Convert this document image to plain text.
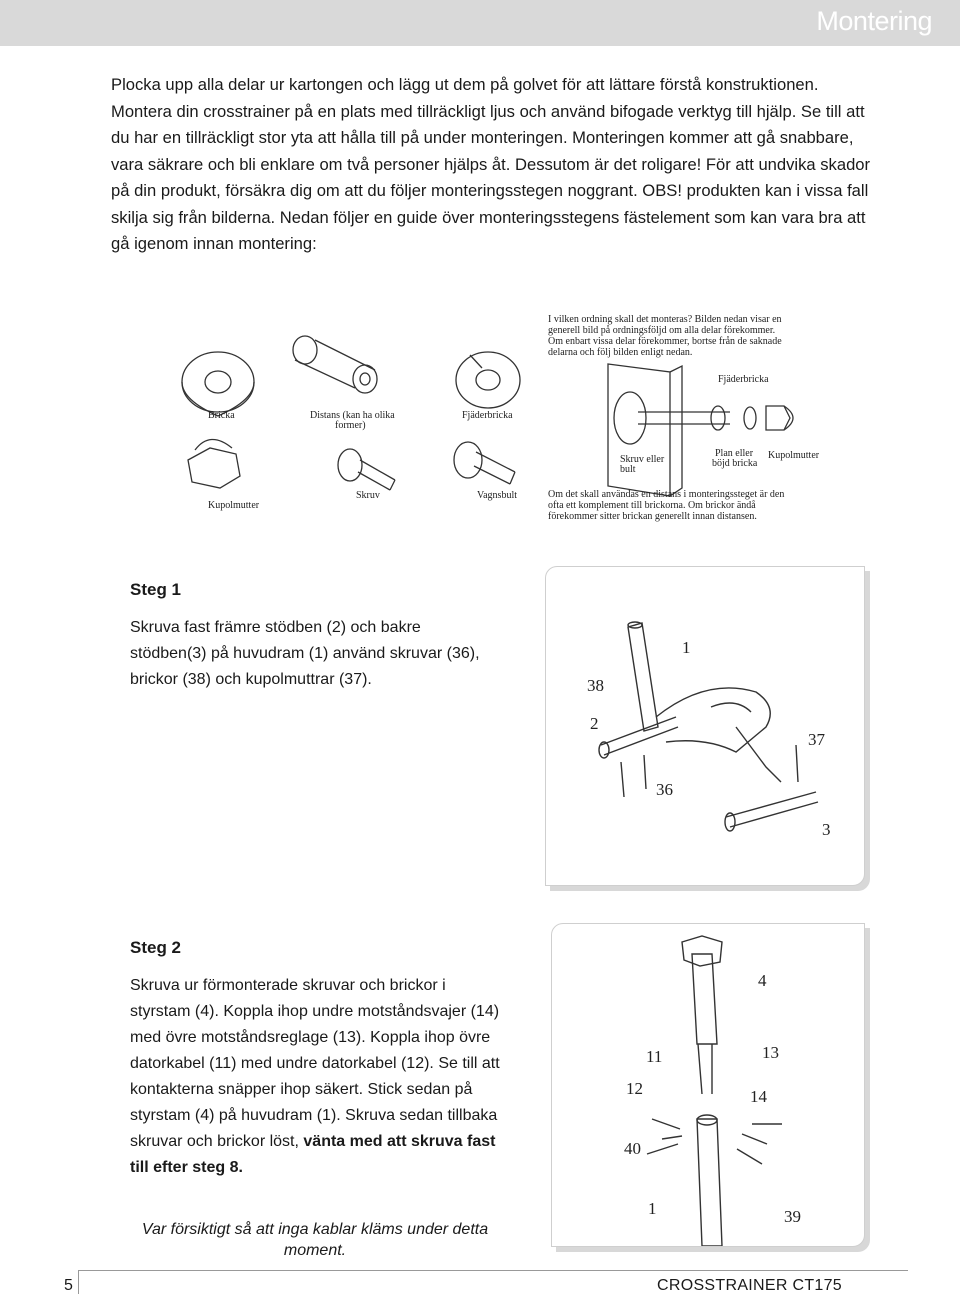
Montering
Plocka upp alla delar ur kartongen och lägg ut dem på golvet för att lättare förstå konstruktionen. Montera din crosstrainer på en plats med tillräckligt ljus och använd bifogade verktyg till hjälp. Se till att du har en tillräckligt stor yta att hålla till på under monteringen. Monteringen kommer att gå snabbare, vara säkrare och bli enklare om två personer hjälps åt. Dessutom är det roligare! För att undvika skador på din produkt, försäkra dig om att du följer monteringsstegen noggrant. OBS! produkten kan i vissa fall skilja sig från bilderna. Nedan följer en guide över monteringsstegens fästelement som kan vara bra att gå igenom innan montering:
Bricka	Distans (kan ha olika
former)
Fjäderbricka
Kupolmutter
Skruv	Vagnsbult
I vilken ordning skall det monteras? Bilden nedan visar en
generell bild på ordningsföljd om alla delar förekommer.
Om enbart vissa delar förekommer, bortse från de saknade
delarna och följ bilden enligt nedan.
Fjäderbricka
Skruv eller
bult
Plan eller
böjd bricka
Kupolmutter
Om det skall användas en distans i monteringssteget är den
ofta ett komplement till brickorna. Om brickor ändå
förekommer sitter brickan generellt innan distansen.
Steg 1

Skruva fast främre stödben (2) och bakre stödben(3) på huvudram (1) använd skruvar (36), brickor (38) och kupolmuttrar (37).

1
38
2
37
36
3
Steg 2

Skruva ur förmonterade skruvar och brickor i styrstam (4). Koppla ihop undre motståndsvajer (14) med övre motståndsreglage (13). Koppla ihop övre datorkabel (11) med undre datorkabel (12). Se till att kontakterna snäpper ihop säkert. Stick sedan på styrstam (4) på huvudram (1). Skruva sedan tillbaka skruvar och brickor löst, vänta med att skruva fast till efter steg 8.

4
11	13
12	14
40
1	39
Var försiktigt så att inga kablar kläms under detta moment.
5	CROSSTRAINER CT175
